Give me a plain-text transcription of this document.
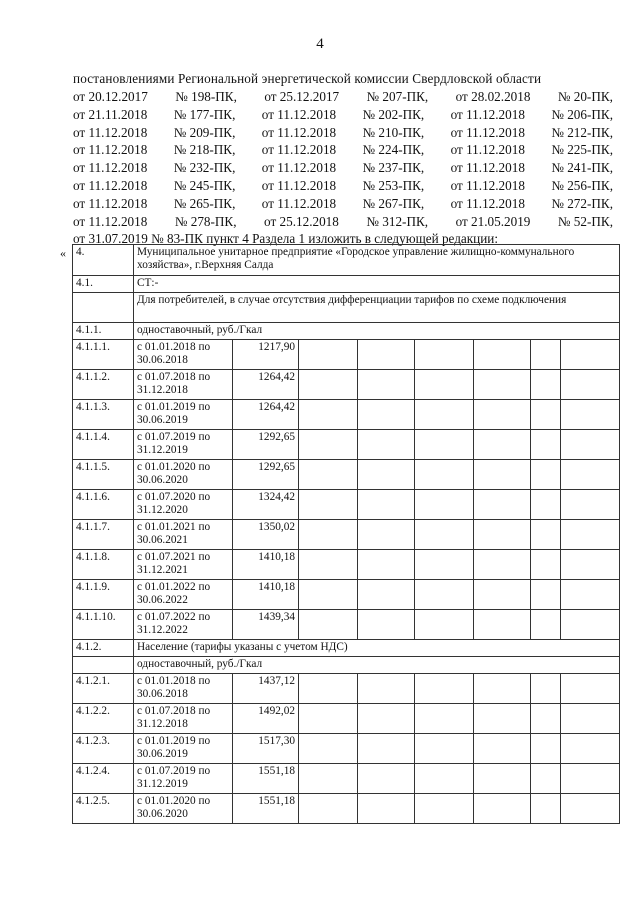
4
постановлениями Региональной энергетической комиссии Свердловской области
от 20.12.2017 № 198-ПК, от 25.12.2017 № 207-ПК, от 28.02.2018 № 20-ПК,
от 21.11.2018 № 177-ПК, от 11.12.2018 № 202-ПК, от 11.12.2018 № 206-ПК,
от 11.12.2018 № 209-ПК, от 11.12.2018 № 210-ПК, от 11.12.2018 № 212-ПК,
от 11.12.2018 № 218-ПК, от 11.12.2018 № 224-ПК, от 11.12.2018 № 225-ПК,
от 11.12.2018 № 232-ПК, от 11.12.2018 № 237-ПК, от 11.12.2018 № 241-ПК,
от 11.12.2018 № 245-ПК, от 11.12.2018 № 253-ПК, от 11.12.2018 № 256-ПК,
от 11.12.2018 № 265-ПК, от 11.12.2018 № 267-ПК, от 11.12.2018 № 272-ПК,
от 11.12.2018 № 278-ПК, от 25.12.2018 № 312-ПК, от 21.05.2019 № 52-ПК,
от 31.07.2019 № 83-ПК пункт 4 Раздела 1 изложить в следующей редакции:
« 4.	Муниципальное унитарное предприятие «Городское управление жилищно-коммунального хозяйства», г.Верхняя Салда							
4.1.	СТ:-							
	Для потребителей, в случае отсутствия дифференциации тарифов по схеме подключения							
4.1.1.	одноставочный, руб./Гкал							
4.1.1.1.	с 01.01.2018 по 30.06.2018	1217,90						
4.1.1.2.	с 01.07.2018 по 31.12.2018	1264,42						
4.1.1.3.	с 01.01.2019 по 30.06.2019	1264,42						
4.1.1.4.	с 01.07.2019 по 31.12.2019	1292,65						
4.1.1.5.	с 01.01.2020 по 30.06.2020	1292,65						
4.1.1.6.	с 01.07.2020 по 31.12.2020	1324,42						
4.1.1.7.	с 01.01.2021 по 30.06.2021	1350,02						
4.1.1.8.	с 01.07.2021 по 31.12.2021	1410,18						
4.1.1.9.	с 01.01.2022 по 30.06.2022	1410,18						
4.1.1.10.	с 01.07.2022 по 31.12.2022	1439,34						
4.1.2.	Население (тарифы указаны с учетом НДС)							
	одноставочный, руб./Гкал							
4.1.2.1.	с 01.01.2018 по 30.06.2018	1437,12						
4.1.2.2.	с 01.07.2018 по 31.12.2018	1492,02						
4.1.2.3.	с 01.01.2019 по 30.06.2019	1517,30						
4.1.2.4.	с 01.07.2019 по 31.12.2019	1551,18						
4.1.2.5.	с 01.01.2020 по 30.06.2020	1551,18						
